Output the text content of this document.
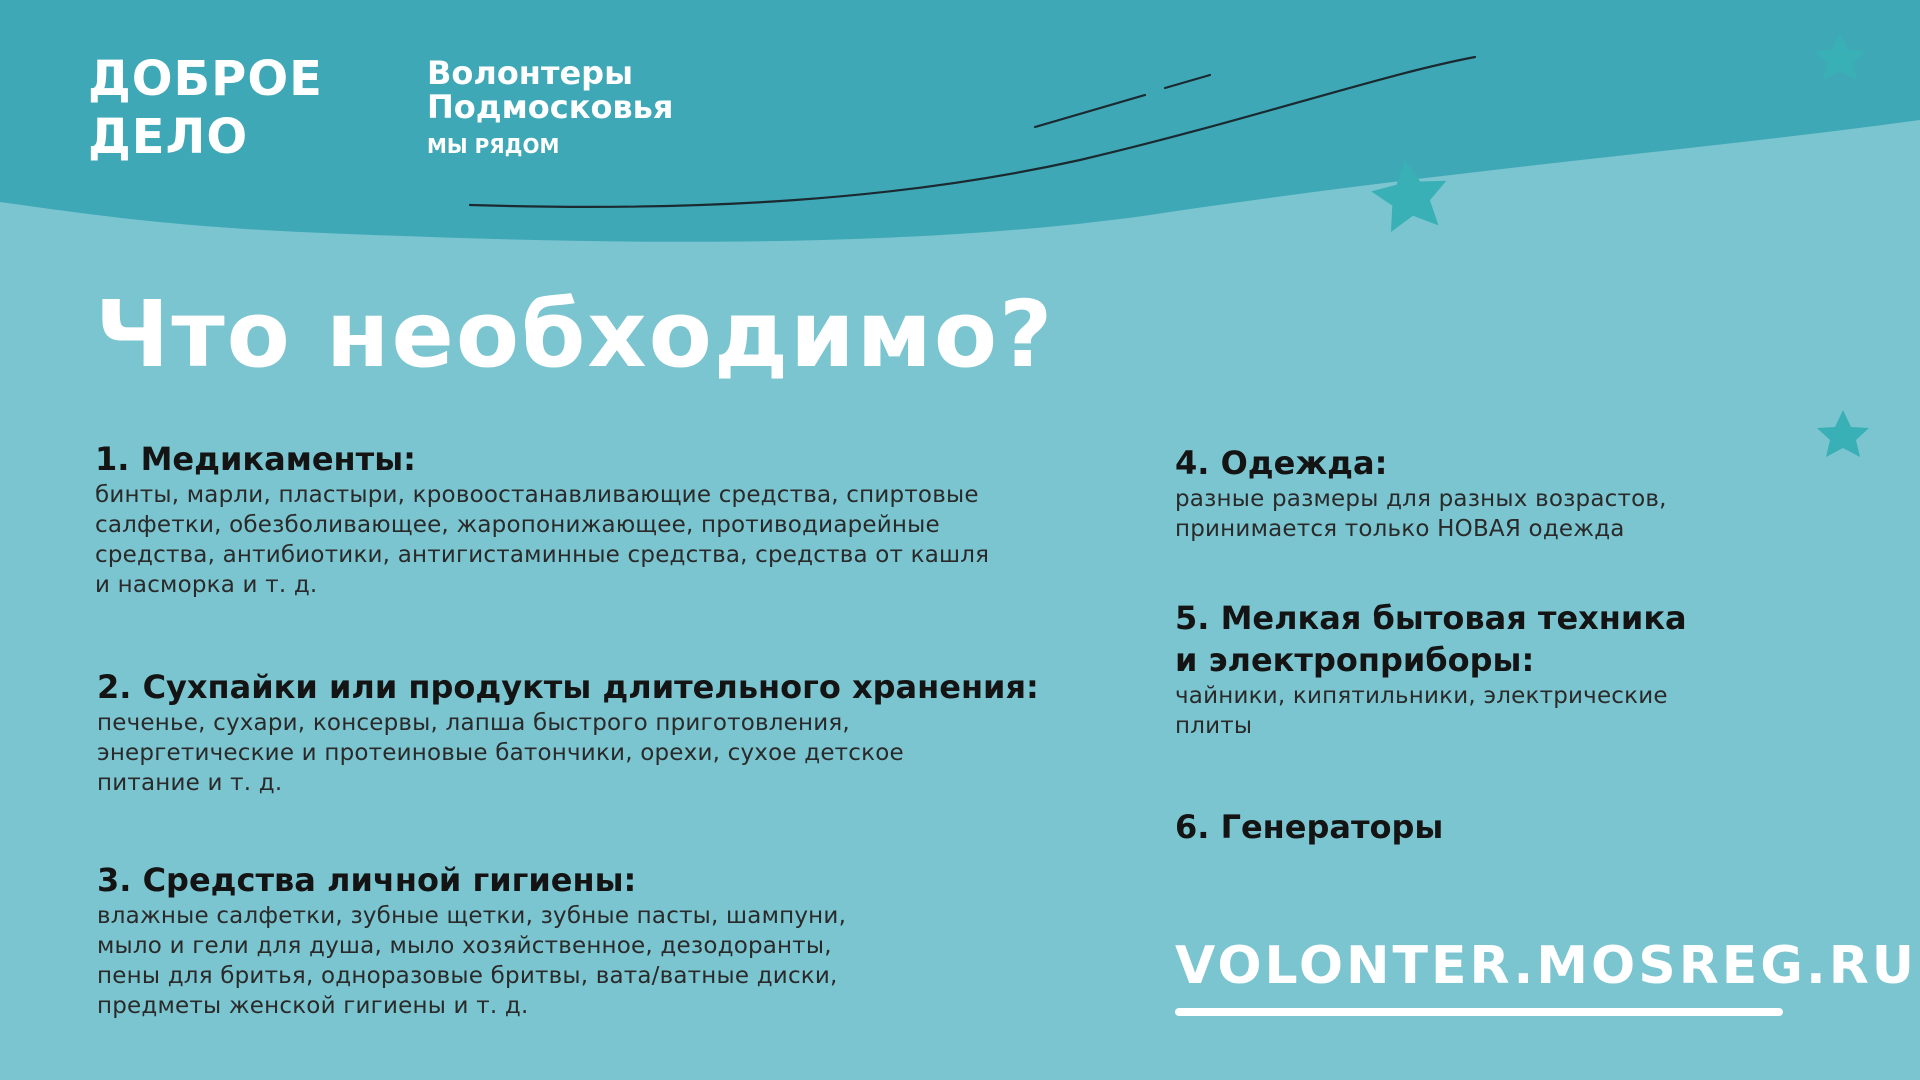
ДОБРОЕ
ДЕЛО
Волонтеры
Подмосковья
МЫ РЯДОМ
Что необходимо?

1. Медикаменты:

бинты, марли, пластыри, кровоостанавливающие средства, спиртовые

салфетки, обезболивающее, жаропонижающее, противодиарейные

средства, антибиотики, антигистаминные средства, средства от кашля

и насморка и т. д.

2. Сухпайки или продукты длительного хранения:

печенье, сухари, консервы, лапша быстрого приготовления,

энергетические и протеиновые батончики, орехи, сухое детское

питание и т. д.

3. Средства личной гигиены:

влажные салфетки, зубные щетки, зубные пасты, шампуни,

мыло и гели для душа, мыло хозяйственное, дезодоранты,

пены для бритья, одноразовые бритвы, вата/ватные диски,

предметы женской гигиены и т. д.

4. Одежда:

разные размеры для разных возрастов,

принимается только НОВАЯ одежда

5. Мелкая бытовая техника

и электроприборы:

чайники, кипятильники, электрические

плиты

6. Генераторы

VOLONTER.MOSREG.RU
